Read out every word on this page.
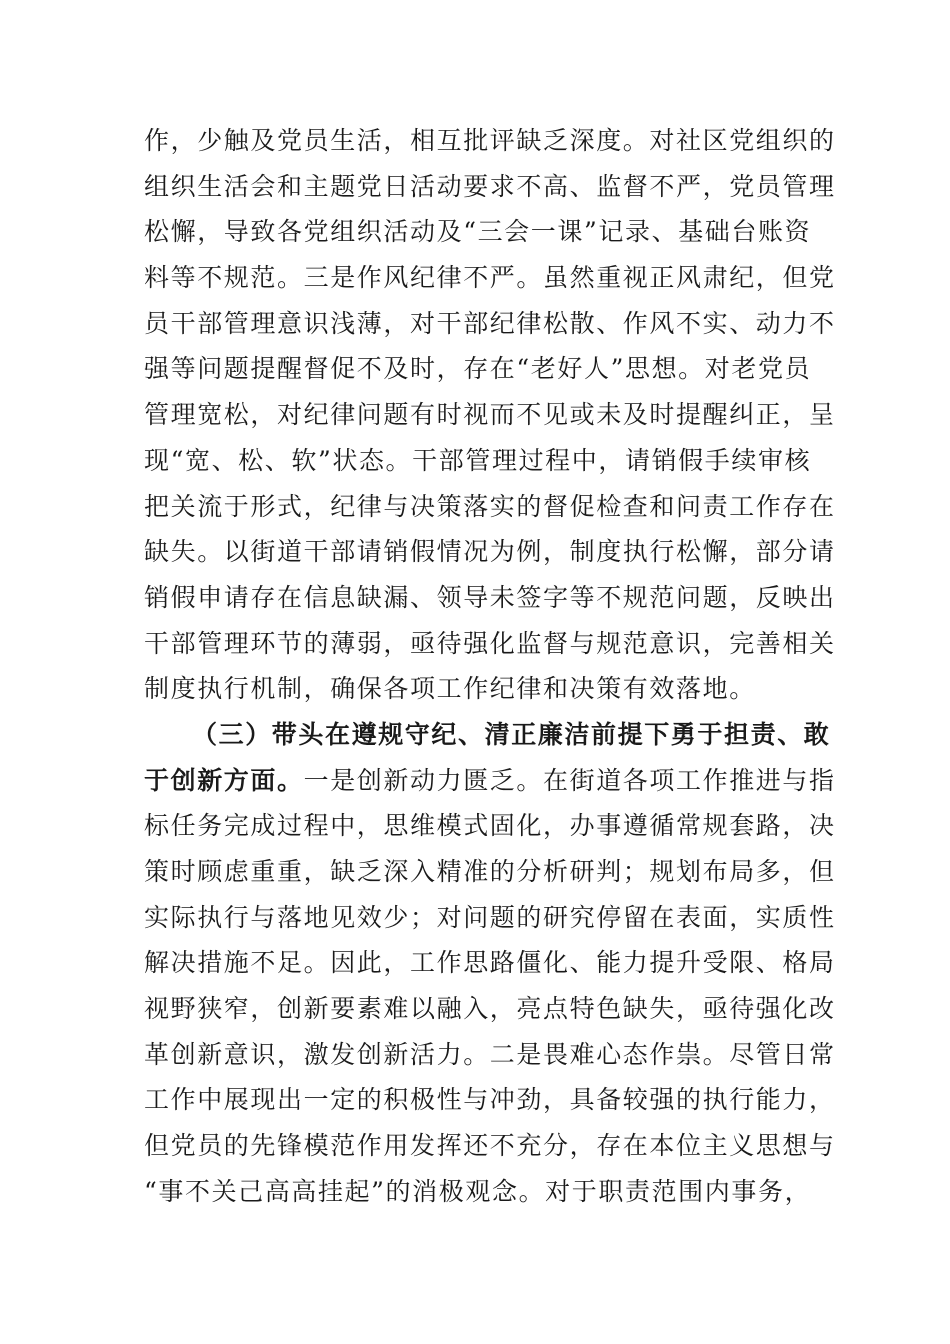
作，少触及党员生活，相互批评缺乏深度。对社区党组织的
组织生活会和主题党日活动要求不高、监督不严，党员管理
松懈，导致各党组织活动及“三会一课”记录、基础台账资
料等不规范。三是作风纪律不严。虽然重视正风肃纪，但党
员干部管理意识浅薄，对干部纪律松散、作风不实、动力不
强等问题提醒督促不及时，存在“老好人”思想。对老党员
管理宽松，对纪律问题有时视而不见或未及时提醒纠正，呈
现“宽、松、软”状态。干部管理过程中，请销假手续审核
把关流于形式，纪律与决策落实的督促检查和问责工作存在
缺失。以街道干部请销假情况为例，制度执行松懈，部分请
销假申请存在信息缺漏、领导未签字等不规范问题，反映出
干部管理环节的薄弱，亟待强化监督与规范意识，完善相关
制度执行机制，确保各项工作纪律和决策有效落地。
（三）带头在遵规守纪、清正廉洁前提下勇于担责、敢
于创新方面。一是创新动力匮乏。在街道各项工作推进与指
标任务完成过程中，思维模式固化，办事遵循常规套路，决
策时顾虑重重，缺乏深入精准的分析研判；规划布局多，但
实际执行与落地见效少；对问题的研究停留在表面，实质性
解决措施不足。因此，工作思路僵化、能力提升受限、格局
视野狭窄，创新要素难以融入，亮点特色缺失，亟待强化改
革创新意识，激发创新活力。二是畏难心态作祟。尽管日常
工作中展现出一定的积极性与冲劲，具备较强的执行能力，
但党员的先锋模范作用发挥还不充分，存在本位主义思想与
“事不关己高高挂起”的消极观念。对于职责范围内事务，
